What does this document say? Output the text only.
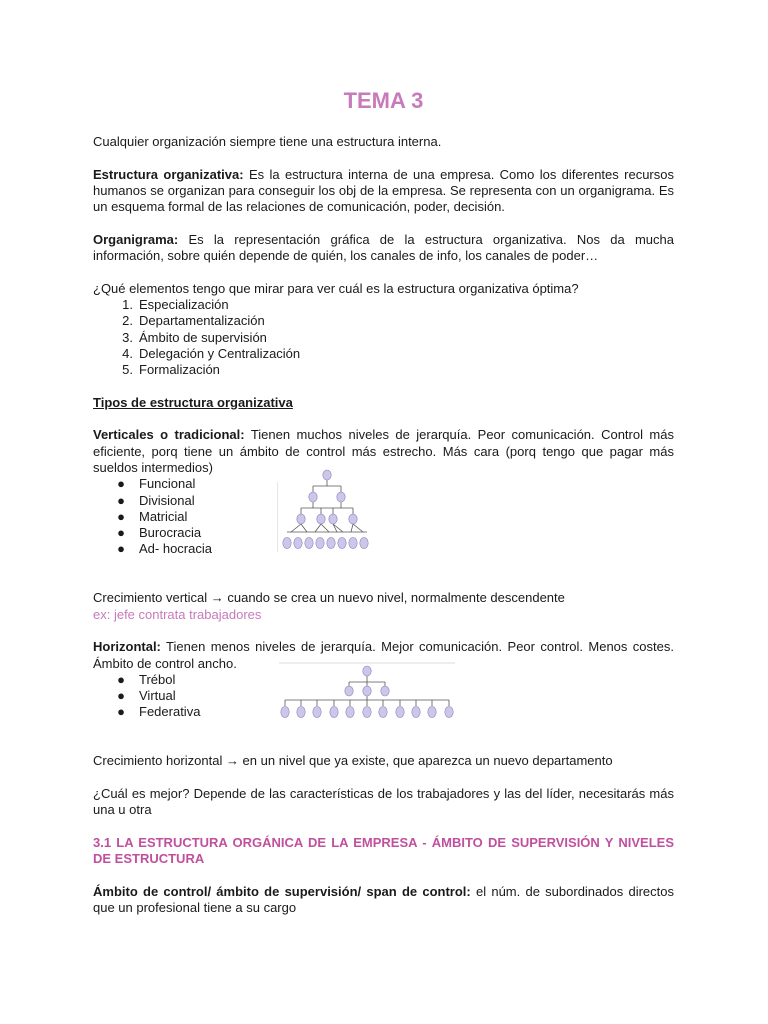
TEMA 3

Cualquier organización siempre tiene una estructura interna.

Estructura organizativa: Es la estructura interna de una empresa. Como los diferentes recursos humanos se organizan para conseguir los obj de la empresa. Se representa con un organigrama. Es un esquema formal de las relaciones de comunicación, poder, decisión.

Organigrama: Es la representación gráfica de la estructura organizativa. Nos da mucha información, sobre quién depende de quién, los canales de info, los canales de poder…

¿Qué elementos tengo que mirar para ver cuál es la estructura organizativa óptima?

1. Especialización
2. Departamentalización
3. Ámbito de supervisión
4. Delegación y Centralización
5. Formalización

Tipos de estructura organizativa

Verticales o tradicional: Tienen muchos niveles de jerarquía. Peor comunicación. Control más eficiente, porq tiene un ámbito de control más estrecho. Más cara (porq tengo que pagar más sueldos intermedios)

● Funcional
● Divisional
● Matricial
● Burocracia
● Ad- hocracia

Crecimiento vertical → cuando se crea un nuevo nivel, normalmente descendente

ex: jefe contrata trabajadores

Horizontal: Tienen menos niveles de jerarquía. Mejor comunicación. Peor control. Menos costes. Ámbito de control ancho.

● Trébol
● Virtual
● Federativa

Crecimiento horizontal → en un nivel que ya existe, que aparezca un nuevo departamento

¿Cuál es mejor? Depende de las características de los trabajadores y las del líder, necesitarás más una u otra

3.1 LA ESTRUCTURA ORGÁNICA DE LA EMPRESA - ÁMBITO DE SUPERVISIÓN Y NIVELES DE ESTRUCTURA

Ámbito de control/ ámbito de supervisión/ span de control: el núm. de subordinados directos que un profesional tiene a su cargo
